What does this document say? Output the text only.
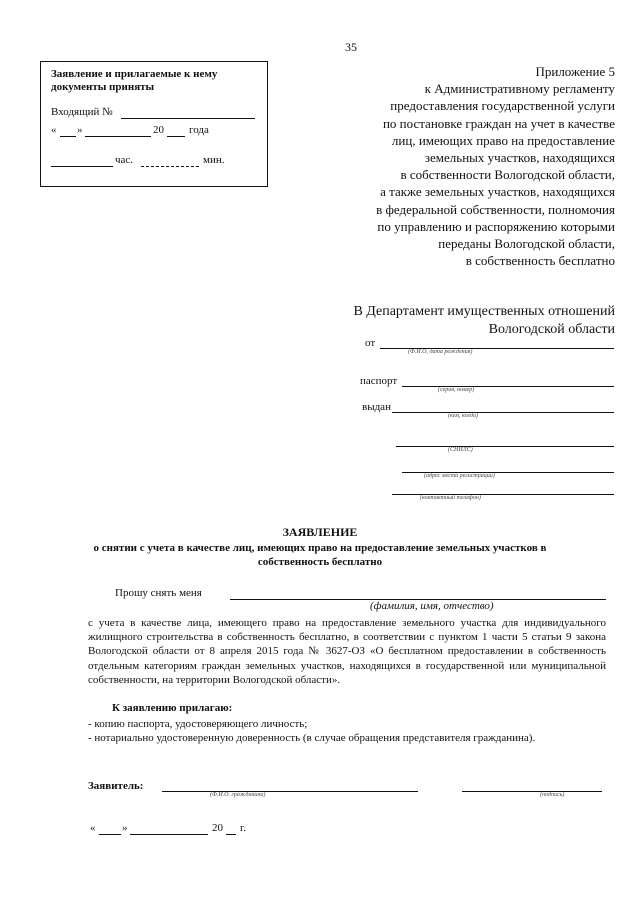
35
Заявление и прилагаемые к нему документы приняты
Входящий №
« »	20 года
час.	мин.
Приложение 5
к Административному регламенту
предоставления государственной услуги
по постановке граждан на учет в качестве
лиц, имеющих право на предоставление
земельных участков, находящихся
в собственности Вологодской области,
а также земельных участков, находящихся
в федеральной собственности, полномочия
по управлению и распоряжению которыми
переданы Вологодской области,
в собственность бесплатно
В Департамент имущественных отношений
Вологодской области
от
(Ф.И.О, дата рождения)
паспорт
(серия, номер)
выдан
(кем, когда)
(СНИЛС)
(адрес места регистрации)
(контактный телефон)
ЗАЯВЛЕНИЕ
о снятии с учета в качестве лиц, имеющих право на предоставление земельных участков в собственность бесплатно
Прошу снять меня
(фамилия, имя, отчество)
с учета в качестве лица, имеющего право на предоставление земельного участка для индивидуального жилищного строительства в собственность бесплатно, в соответствии с пунктом 1 части 5 статьи 9 закона Вологодской области от 8 апреля 2015 года № 3627-ОЗ «О бесплатном предоставлении в собственность отдельным категориям граждан земельных участков, находящихся в государственной или муниципальной собственности, на территории Вологодской области».
К заявлению прилагаю:
- копию паспорта, удостоверяющего личность;
- нотариально удостоверенную доверенность (в случае обращения представителя гражданина).
Заявитель:
(Ф.И.О. гражданина)	(подпись)
« »	20 г.
